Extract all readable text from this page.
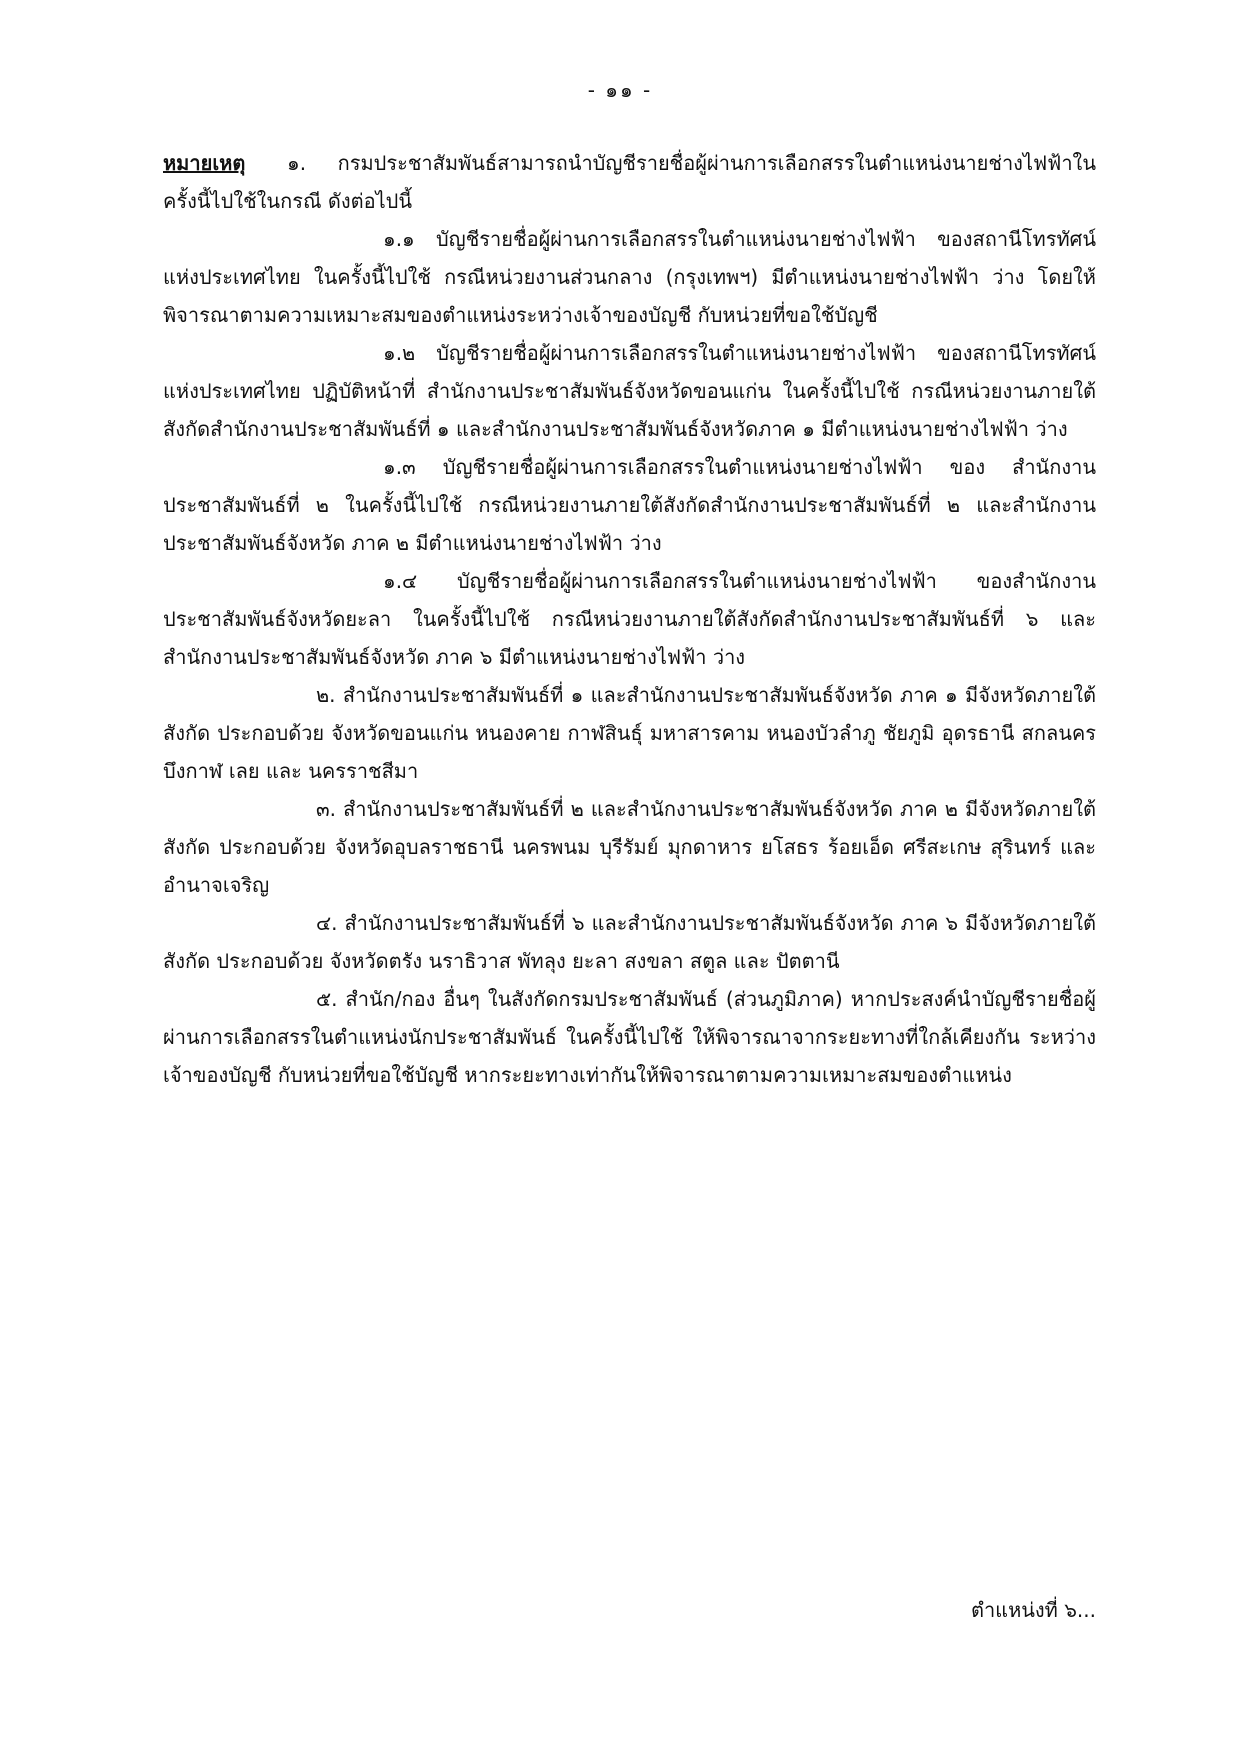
- ๑๑ -

หมายเหตุ ๑. กรมประชาสัมพันธ์สามารถนำบัญชีรายชื่อผู้ผ่านการเลือกสรรในตำแหน่งนายช่างไฟฟ้าในครั้งนี้ไปใช้ในกรณี ดังต่อไปนี้

๑.๑ บัญชีรายชื่อผู้ผ่านการเลือกสรรในตำแหน่งนายช่างไฟฟ้า ของสถานีโทรทัศน์แห่งประเทศไทย ในครั้งนี้ไปใช้ กรณีหน่วยงานส่วนกลาง (กรุงเทพฯ) มีตำแหน่งนายช่างไฟฟ้า ว่าง โดยให้พิจารณาตามความเหมาะสมของตำแหน่งระหว่างเจ้าของบัญชี กับหน่วยที่ขอใช้บัญชี

๑.๒ บัญชีรายชื่อผู้ผ่านการเลือกสรรในตำแหน่งนายช่างไฟฟ้า ของสถานีโทรทัศน์แห่งประเทศไทย ปฏิบัติหน้าที่ สำนักงานประชาสัมพันธ์จังหวัดขอนแก่น ในครั้งนี้ไปใช้ กรณีหน่วยงานภายใต้สังกัดสำนักงานประชาสัมพันธ์ที่ ๑ และสำนักงานประชาสัมพันธ์จังหวัดภาค ๑ มีตำแหน่งนายช่างไฟฟ้า ว่าง

๑.๓ บัญชีรายชื่อผู้ผ่านการเลือกสรรในตำแหน่งนายช่างไฟฟ้า ของ สำนักงานประชาสัมพันธ์ที่ ๒ ในครั้งนี้ไปใช้ กรณีหน่วยงานภายใต้สังกัดสำนักงานประชาสัมพันธ์ที่ ๒ และสำนักงานประชาสัมพันธ์จังหวัด ภาค ๒ มีตำแหน่งนายช่างไฟฟ้า ว่าง

๑.๔ บัญชีรายชื่อผู้ผ่านการเลือกสรรในตำแหน่งนายช่างไฟฟ้า ของสำนักงานประชาสัมพันธ์จังหวัดยะลา ในครั้งนี้ไปใช้ กรณีหน่วยงานภายใต้สังกัดสำนักงานประชาสัมพันธ์ที่ ๖ และสำนักงานประชาสัมพันธ์จังหวัด ภาค ๖ มีตำแหน่งนายช่างไฟฟ้า ว่าง

๒. สำนักงานประชาสัมพันธ์ที่ ๑ และสำนักงานประชาสัมพันธ์จังหวัด ภาค ๑ มีจังหวัดภายใต้สังกัด ประกอบด้วย จังหวัดขอนแก่น หนองคาย กาฬสินธุ์ มหาสารคาม หนองบัวลำภู ชัยภูมิ อุดรธานี สกลนคร บึงกาฬ เลย และ นครราชสีมา

๓. สำนักงานประชาสัมพันธ์ที่ ๒ และสำนักงานประชาสัมพันธ์จังหวัด ภาค ๒ มีจังหวัดภายใต้สังกัด ประกอบด้วย จังหวัดอุบลราชธานี นครพนม บุรีรัมย์ มุกดาหาร ยโสธร ร้อยเอ็ด ศรีสะเกษ สุรินทร์ และ อำนาจเจริญ

๔. สำนักงานประชาสัมพันธ์ที่ ๖ และสำนักงานประชาสัมพันธ์จังหวัด ภาค ๖ มีจังหวัดภายใต้สังกัด ประกอบด้วย จังหวัดตรัง นราธิวาส พัทลุง ยะลา สงขลา สตูล และ ปัตตานี

๕. สำนัก/กอง อื่นๆ ในสังกัดกรมประชาสัมพันธ์ (ส่วนภูมิภาค) หากประสงค์นำบัญชีรายชื่อผู้ผ่านการเลือกสรรในตำแหน่งนักประชาสัมพันธ์ ในครั้งนี้ไปใช้ ให้พิจารณาจากระยะทางที่ใกล้เคียงกัน ระหว่างเจ้าของบัญชี กับหน่วยที่ขอใช้บัญชี หากระยะทางเท่ากันให้พิจารณาตามความเหมาะสมของตำแหน่ง

ตำแหน่งที่ ๖...
